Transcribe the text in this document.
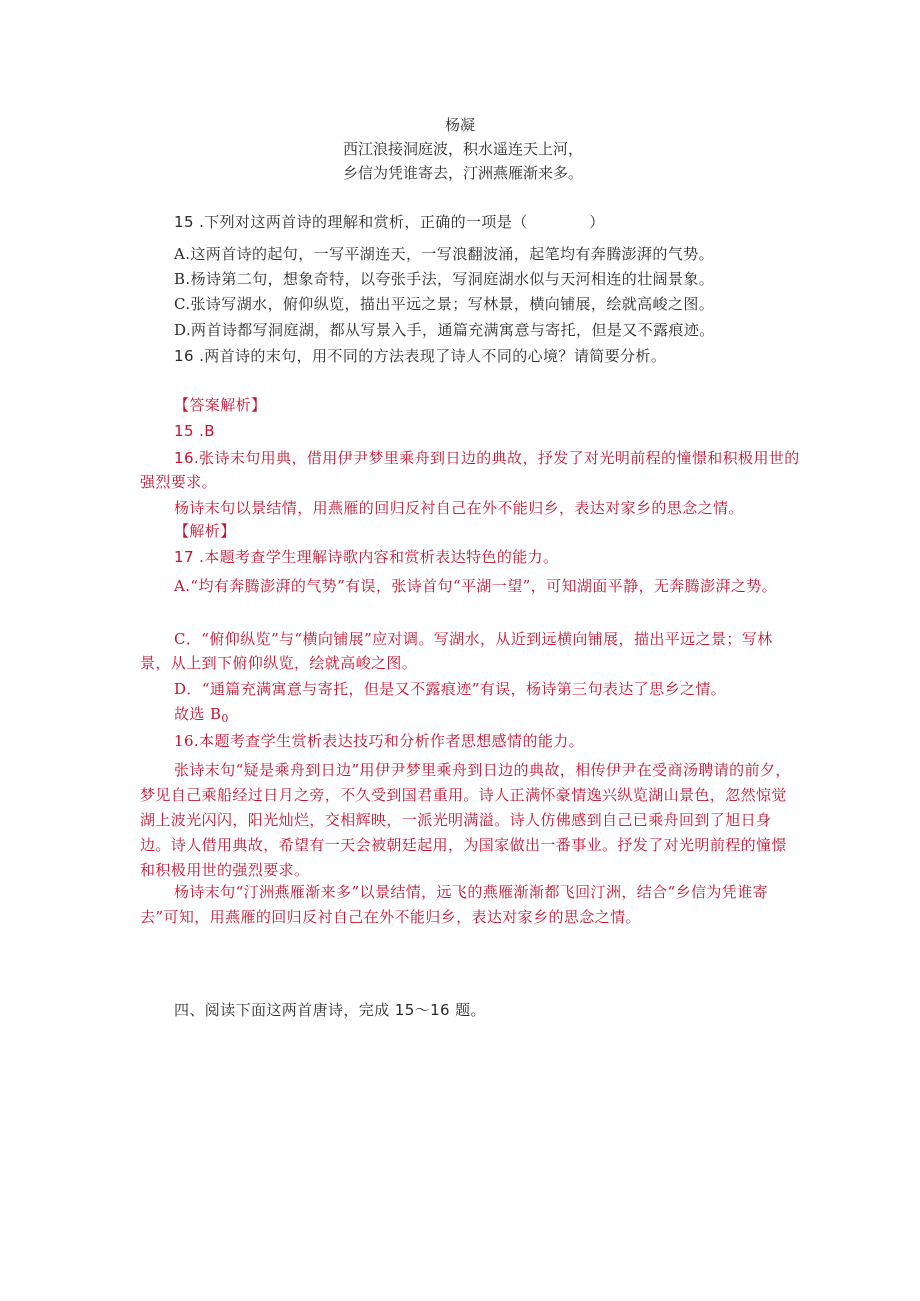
杨凝
西江浪接洞庭波，积水遥连天上河，
乡信为凭谁寄去，汀洲燕雁渐来多。
15 .下列对这两首诗的理解和赏析，正确的一项是（　　　　）
A.这两首诗的起句，一写平湖连天，一写浪翻波涌，起笔均有奔腾澎湃的气势。
B.杨诗第二句，想象奇特，以夸张手法，写洞庭湖水似与天河相连的壮阔景象。
C.张诗写湖水，俯仰纵览，描出平远之景；写林景，横向铺展，绘就高峻之图。
D.两首诗都写洞庭湖，都从写景入手，通篇充满寓意与寄托，但是又不露痕迹。
16 .两首诗的末句，用不同的方法表现了诗人不同的心境？请简要分析。
【答案解析】
15 .B
16.张诗末句用典，借用伊尹梦里乘舟到日边的典故，抒发了对光明前程的憧憬和积极用世的强烈要求。
杨诗末句以景结情，用燕雁的回归反衬自己在外不能归乡，表达对家乡的思念之情。
【解析】
17 .本题考查学生理解诗歌内容和赏析表达特色的能力。
A.“均有奔腾澎湃的气势”有误，张诗首句“平湖一望”，可知湖面平静，无奔腾澎湃之势。
C．“俯仰纵览”与“横向铺展”应对调。写湖水，从近到远横向铺展，描出平远之景；写林景，从上到下俯仰纵览，绘就高峻之图。
D．“通篇充满寓意与寄托，但是又不露痕迹”有误，杨诗第三句表达了思乡之情。
故选 $B_0$
16.本题考查学生赏析表达技巧和分析作者思想感情的能力。
张诗末句“疑是乘舟到日边”用伊尹梦里乘舟到日边的典故，相传伊尹在受商汤聘请的前夕，梦见自己乘船经过日月之旁，不久受到国君重用。诗人正满怀豪情逸兴纵览湖山景色，忽然惊觉湖上波光闪闪，阳光灿烂，交相辉映，一派光明满溢。诗人仿佛感到自己已乘舟回到了旭日身边。诗人借用典故，希望有一天会被朝廷起用，为国家做出一番事业。抒发了对光明前程的憧憬和积极用世的强烈要求。
杨诗末句“汀洲燕雁渐来多”以景结情，远飞的燕雁渐渐都飞回汀洲，结合“乡信为凭谁寄去”可知，用燕雁的回归反衬自己在外不能归乡，表达对家乡的思念之情。
四、阅读下面这两首唐诗，完成 15～16 题。
